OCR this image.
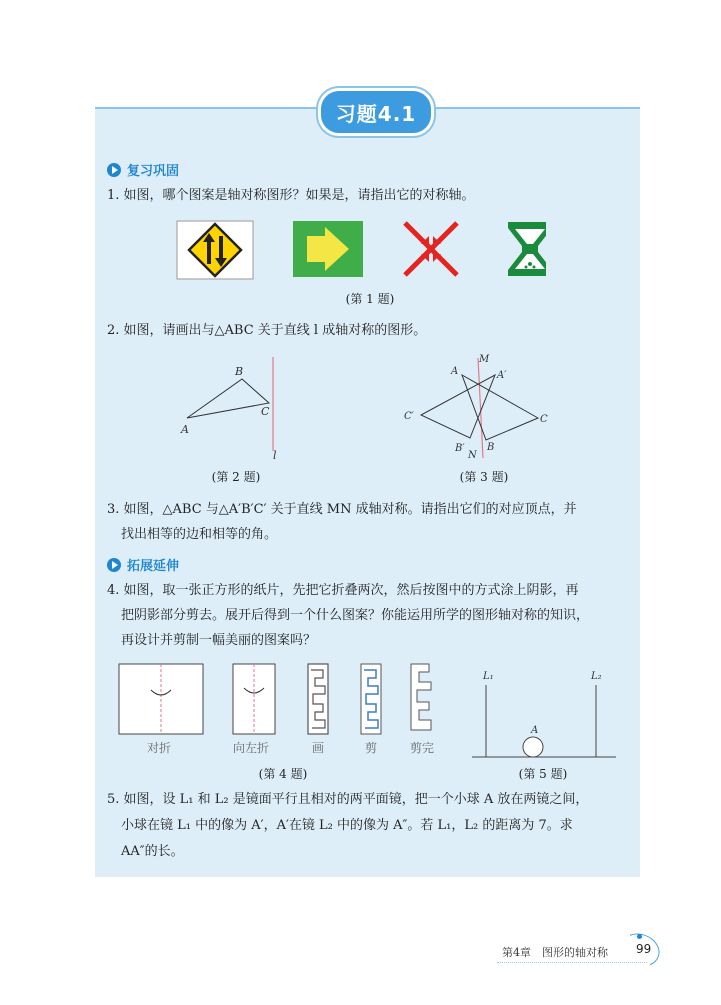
习题4.1
复习巩固
1. 如图，哪个图案是轴对称图形？如果是，请指出它的对称轴。
(第 1 题)
2. 如图，请画出与△ABC 关于直线 l 成轴对称的图形。
A
B
C
l
(第 2 题)
M
A	A′
C′	C
B′
N
B
(第 3 题)
3. 如图，△ABC 与△A′B′C′ 关于直线 MN 成轴对称。请指出它们的对应顶点，并
找出相等的边和相等的角。
拓展延伸
4. 如图，取一张正方形的纸片，先把它折叠两次，然后按图中的方式涂上阴影，再
把阴影部分剪去。展开后得到一个什么图案？你能运用所学的图形轴对称的知识，
再设计并剪制一幅美丽的图案吗？
对折	向左折	画	剪	剪完
(第 4 题)
L₁	L₂
A
(第 5 题)
5. 如图，设 L₁ 和 L₂ 是镜面平行且相对的两平面镜，把一个小球 A 放在两镜之间，
小球在镜 L₁ 中的像为 A′，A′在镜 L₂ 中的像为 A″。若 L₁，L₂ 的距离为 7。求
AA″的长。
第4章　图形的轴对称 99
